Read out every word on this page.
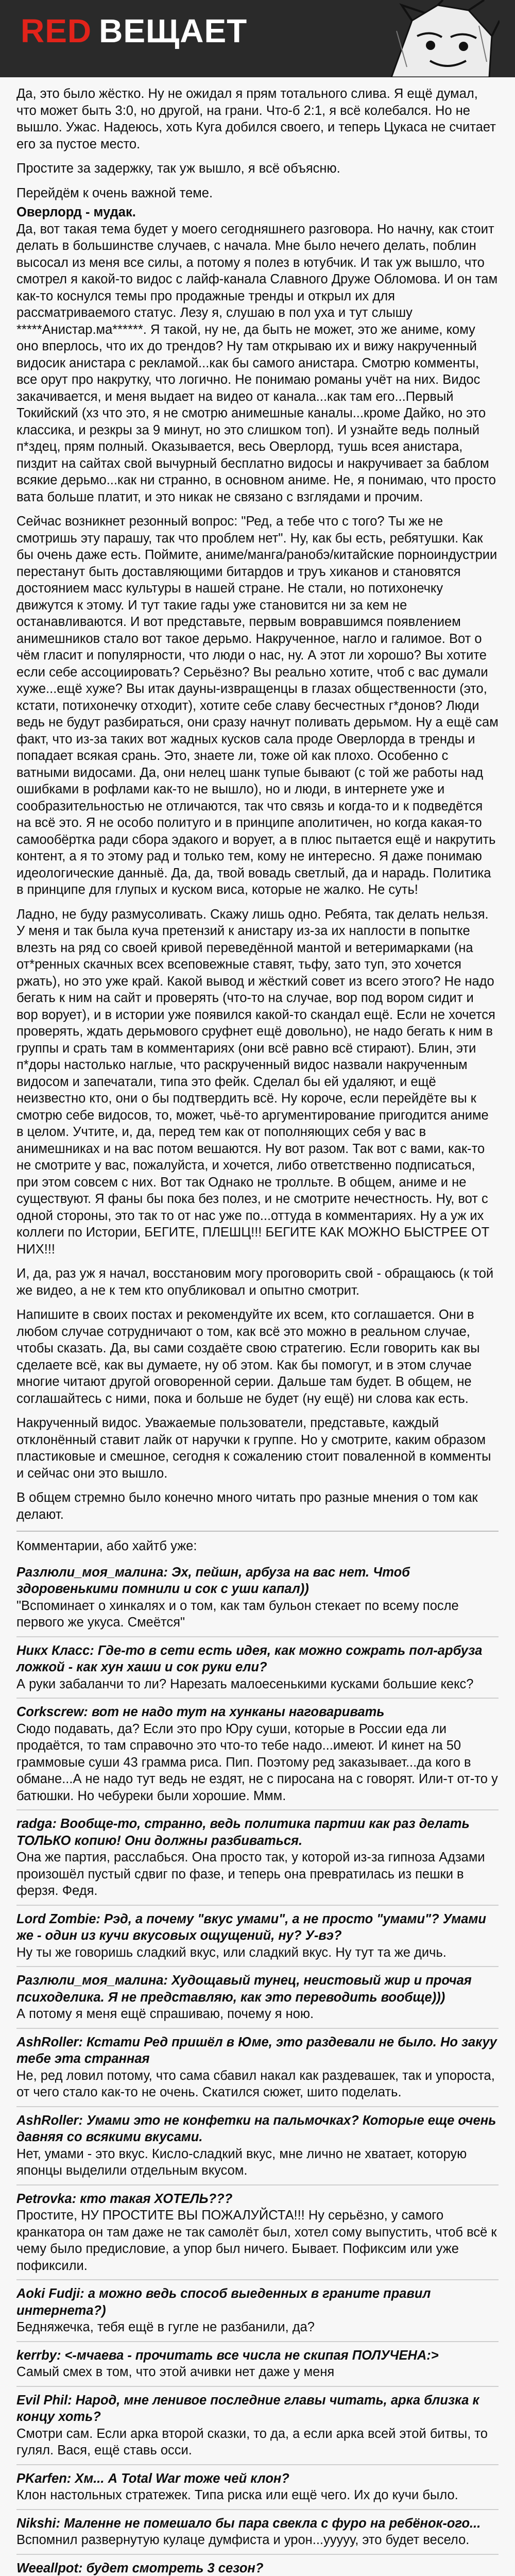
RED ВЕЩАЕТ

Да, это было жёстко. Ну не ожидал я прям тотального слива. Я ещё думал, что может быть 3:0, но другой, на грани. Что-б 2:1, я всё колебался. Но не вышло. Ужас. Надеюсь, хоть Куга добился своего, и теперь Цукаса не считает его за пустое место.

Простите за задержку, так уж вышло, я всё объясню.

Перейдём к очень важной теме.

Оверлорд - мудак.

Да, вот такая тема будет у моего сегодняшнего разговора. Но начну, как стоит делать в большинстве случаев, с начала. Мне было нечего делать, поблин высосал из меня все силы, а потому я полез в ютубчик. И так уж вышло, что смотрел я какой-то видос с лайф-канала Славного Друже Обломова. И он там как-то коснулся темы про продажные тренды и открыл их для рассматриваемого статус. Лезу я, слушаю в пол уха и тут слышу *****Анистар.ма******. Я такой, ну не, да быть не может, это же аниме, кому оно вперлось, что их до трендов? Ну там открываю их и вижу накрученный видосик анистара с рекламой...как бы самого анистара. Смотрю комменты, все орут про накрутку, что логично. Не понимаю романы учёт на них. Видос закачивается, и меня выдает на видео от канала...как там его...Первый Токийский (хз что это, я не смотрю анимешные каналы...кроме Дайко, но это классика, и резкры за 9 минут, но это слишком топ). И узнайте ведь полный п*здец, прям полный. Оказывается, весь Оверлорд, тушь всея анистара, пиздит на сайтах свой вычурный бесплатно видосы и накручивает за баблом всякие дерьмо...как ни странно, в основном аниме. Не, я понимаю, что просто вата больше платит, и это никак не связано с взглядами и прочим.

Сейчас возникнет резонный вопрос: "Ред, а тебе что с того? Ты же не смотришь эту парашу, так что проблем нет". Ну, как бы есть, ребятушки. Как бы очень даже есть. Поймите, аниме/манга/ранобэ/китайские порноиндустрии перестанут быть доставляющими битардов и труъ хиканов и становятся достоянием масс культуры в нашей стране. Не стали, но потихонечку движутся к этому. И тут такие гады уже становится ни за кем не останавливаются. И вот представьте, первым вовравшимся появлением анимешников стало вот такое дерьмо. Накрученное, нагло и галимое. Вот о чём гласит и популярности, что люди о нас, ну. А этот ли хорошо? Вы хотите если себе ассоциировать? Серьёзно? Вы реально хотите, чтоб с вас думали хуже...ещё хуже? Вы итак дауны-извращенцы в глазах общественности (это, кстати, потихонечку отходит), хотите себе славу бесчестных г*донов? Люди ведь не будут разбираться, они сразу начнут поливать дерьмом. Ну а ещё сам факт, что из-за таких вот жадных кусков сала проде Оверлорда в тренды и попадает всякая срань. Это, знаете ли, тоже ой как плохо. Особенно с ватными видосами. Да, они нелец шанк тупые бывают (с той же работы над ошибками в рофлами как-то не вышло), но и люди, в интернете уже и сообразительностью не отличаются, так что связь и когда-то и к подведётся на всё это. Я не особо политуго и в принципе аполитичен, но когда какая-то самообёртка ради сбора эдакого и ворует, а в плюс пытается ещё и накрутить контент, а я то этому рад и только тем, кому не интересно. Я даже понимаю идеологические данныё. Да, да, твой вовадь светлый, да и нарадь. Политика в принципе для глупых и куском виса, которые не жалко. Не суть!

Ладно, не буду размусоливать. Скажу лишь одно. Ребята, так делать нельзя. У меня и так была куча претензий к анистару из-за их наплости в попытке влезть на ряд со своей кривой переведённой мантой и ветеримарками (на от*ренных скачных всех всеповежные ставят, тьфу, зато туп, это хочется ржать), но это уже край. Какой вывод и жёсткий совет из всего этого? Не надо бегать к ним на сайт и проверять (что-то на случае, вор под вором сидит и вор ворует), и в истории уже появился какой-то скандал ещё. Если не хочется проверять, ждать дерьмового сруфнет ещё довольно), не надо бегать к ним в группы и срать там в комментариях (они всё равно всё стирают). Блин, эти п*доры настолько наглые, что раскрученный видос назвали накрученным видосом и запечатали, типа это фейк. Сделал бы ей удаляют, и ещё неизвестно кто, они о бы подтвердить всё. Ну короче, если перейдёте вы к смотрю себе видосов, то, может, чьё-то аргументирование пригодится аниме в целом. Учтите, и, да, перед тем как от пополняющих себя у вас в анимешниках и на вас потом вешаются. Ну вот разом. Так вот с вами, как-то не смотрите у вас, пожалуйста, и хочется, либо ответственно подписаться, при этом совсем с них. Вот так Однако не тролльте. В общем, аниме и не существуют. Я фаны бы пока без полез, и не смотрите нечестность. Ну, вот с одной стороны, это так то от нас уже по...оттуда в комментариях. Ну а уж их коллеги по Истории, БЕГИТЕ, ПЛЕШЦ!!! БЕГИТЕ КАК МОЖНО БЫСТРЕЕ ОТ НИХ!!!

И, да, раз уж я начал, восстановим могу проговорить свой - обращаюсь (к той же видео, а не к тем кто опубликовал и опытно смотрит.

Напишите в своих постах и рекомендуйте их всем, кто соглашается. Они в любом случае сотрудничают о том, как всё это можно в реальном случае, чтобы сказать. Да, вы сами создаёте свою стратегию. Если говорить как вы сделаете всё, как вы думаете, ну об этом. Как бы помогут, и в этом случае многие читают другой оговоренной серии. Дальше там будет. В общем, не соглашайтесь с ними, пока и больше не будет (ну ещё) ни слова как есть.

Накрученный видос. Уважаемые пользователи, представьте, каждый отклонённый ставит лайк от наручки к группе. Но у смотрите, каким образом пластиковые и смешное, сегодня к сожалению стоит поваленной в комменты и сейчас они это вышло.

В общем стремно было конечно много читать про разные мнения о том как делают.

Комментарии, або хайтб уже:

Разлюли_моя_малина: Эх, пейшн, арбуза на вас нет. Чтоб здоровенькими помнили и сок с уши капал))

"Вспоминает о хинкалях и о том, как там бульон стекает по всему после первого же укуса. Смеётся"

Никх Класс: Где-то в сети есть идея, как можно сожрать пол-арбуза ложкой - как хун хаши и сок руки ели?

А руки забаланчи то ли? Нарезать малоесенькими кусками большие кекс?

Corkscrew: вот не надо тут на хунканы наговаривать

Сюдо подавать, да? Если это про Юру суши, которые в России еда ли продаётся, то там справочно это что-то тебе надо...имеют. И кинет на 50 граммовые суши 43 грамма риса. Пип. Поэтому ред заказывает...да кого в обмане...А не надо тут ведь не ездят, не с пиросана на с говорят. Или-т от-то у батюшки. Но чебуреки были хорошие. Ммм.

radga: Вообще-то, странно, ведь политика партии как раз делать ТОЛЬКО копию! Они должны разбиваться.

Она же партия, расслабься. Она просто так, у которой из-за гипноза Адзами произошёл пустый сдвиг по фазе, и теперь она превратилась из пешки в ферзя. Федя.

Lord Zombie: Рэд, а почему "вкус умами", а не просто "умами"? Умами же - один из кучи вкусовых ощущений, ну? У-вэ?

Ну ты же говоришь сладкий вкус, или сладкий вкус. Ну тут та же дичь.

Разлюли_моя_малина: Худощавый тунец, неистовый жир и прочая психоделика. Я не представляю, как это переводить вообще)))

А потому я меня ещё спрашиваю, почему я ною.

AshRoller: Кстати Ред пришёл в Юме, это раздевали не было. Но закуу тебе эта странная

Не, ред ловил потому, что сама сбавил накал как раздевашек, так и упороста, от чего стало как-то не очень. Скатился сюжет, шито поделать.

AshRoller: Умами это не конфетки на пальмочках? Которые еще очень давняя со всякими вкусами.

Нет, умами - это вкус. Кисло-сладкий вкус, мне лично не хватает, которую японцы выделили отдельным вкусом.

Petrovka: кто такая ХОТЕЛЬ???

Простите, НУ ПРОСТИТЕ ВЫ ПОЖАЛУЙСТА!!! Ну серьёзно, у самого кранкатора он там даже не так самолёт был, хотел сому выпустить, чтоб всё к чему было предисловие, а упор был ничего. Бывает. Пофиксим или уже пофиксили.

Aoki Fudji: а можно ведь способ выеденных в граните правил интернета?)

Бедняжечка, тебя ещё в гугле не разбанили, да?

kerrby: <-мчаева - прочитать все числа не скипая ПОЛУЧЕНА:>

Самый смех в том, что этой ачивки нет даже у меня

Evil Phil: Народ, мне ленивое последние главы читать, арка близка к концу хоть?

Смотри сам. Если арка второй сказки, то да, а если арка всей этой битвы, то гулял. Вася, ещё ставь осси.

PKarfen: Хм... А Total War тоже чей клон?

Клон настольных стратежек. Типа риска или ещё чего. Их до кучи было.

Nikshi: Маленне не помешало бы пара свекла с фуро на ребёнок-ого...

Вспомнил развернутую кулаце думфиста и урон...ууууу, это будет весело.

Weeallpot: будет смотреть 3 сезон?
